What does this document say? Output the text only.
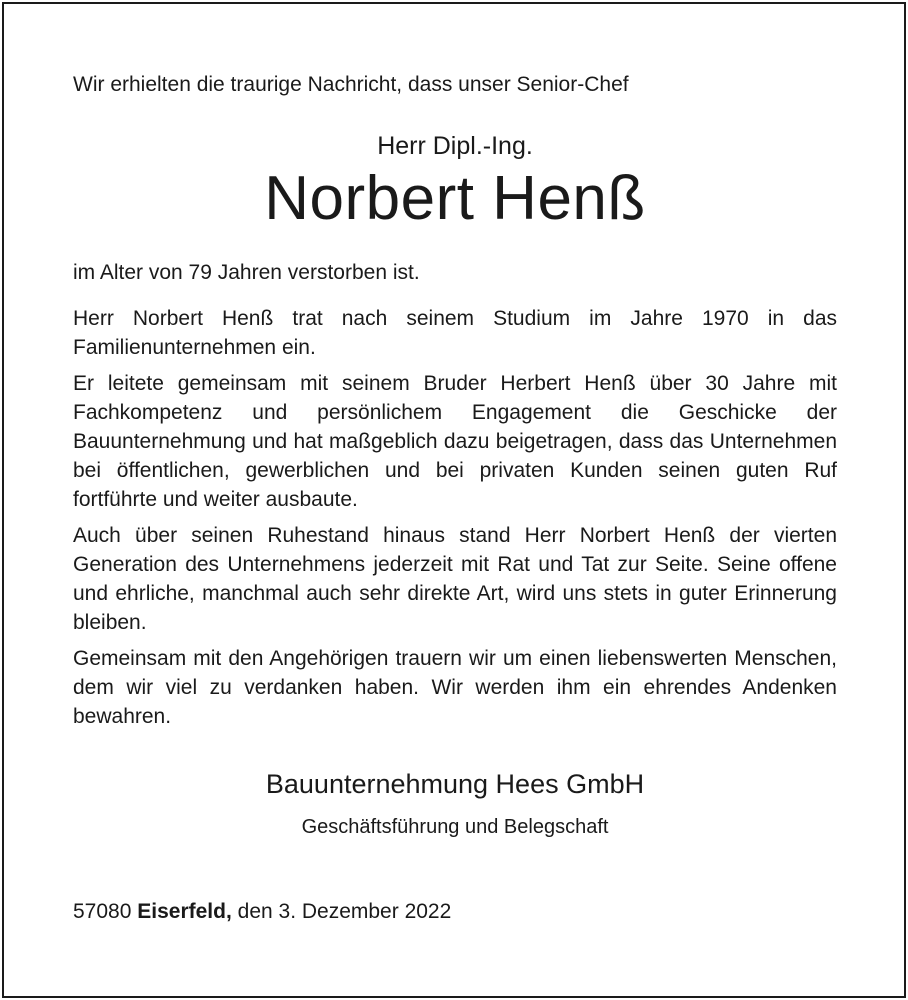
Wir erhielten die traurige Nachricht, dass unser Senior-Chef

Herr Dipl.-Ing.

Norbert Henß

im Alter von 79 Jahren verstorben ist.

Herr Norbert Henß trat nach seinem Studium im Jahre 1970 in das Familienunternehmen ein.

Er leitete gemeinsam mit seinem Bruder Herbert Henß über 30 Jahre mit Fachkompetenz und persönlichem Engagement die Geschicke der Bauunternehmung und hat maßgeblich dazu beigetragen, dass das Unternehmen bei öffentlichen, gewerblichen und bei privaten Kunden seinen guten Ruf fortführte und weiter ausbaute.

Auch über seinen Ruhestand hinaus stand Herr Norbert Henß der vierten Generation des Unternehmens jederzeit mit Rat und Tat zur Seite. Seine offene und ehrliche, manchmal auch sehr direkte Art, wird uns stets in guter Erinnerung bleiben.

Gemeinsam mit den Angehörigen trauern wir um einen liebenswerten Menschen, dem wir viel zu verdanken haben. Wir werden ihm ein ehrendes Andenken bewahren.

Bauunternehmung Hees GmbH

Geschäftsführung und Belegschaft

57080 Eiserfeld, den 3. Dezember 2022
